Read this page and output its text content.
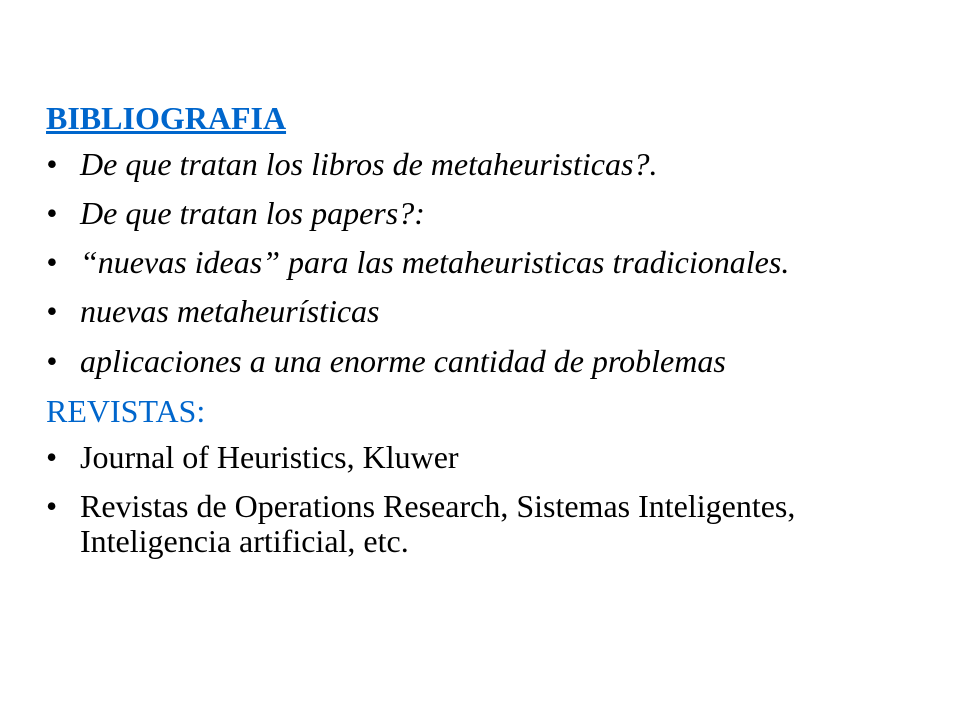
BIBLIOGRAFIA
• De que tratan los libros de metaheuristicas?.
• De que tratan los papers?:
• “nuevas ideas” para las metaheuristicas tradicionales.
• nuevas metaheurísticas
• aplicaciones a una enorme cantidad de problemas
REVISTAS:
• Journal of Heuristics, Kluwer
• Revistas de Operations Research, Sistemas Inteligentes, Inteligencia artificial, etc.
